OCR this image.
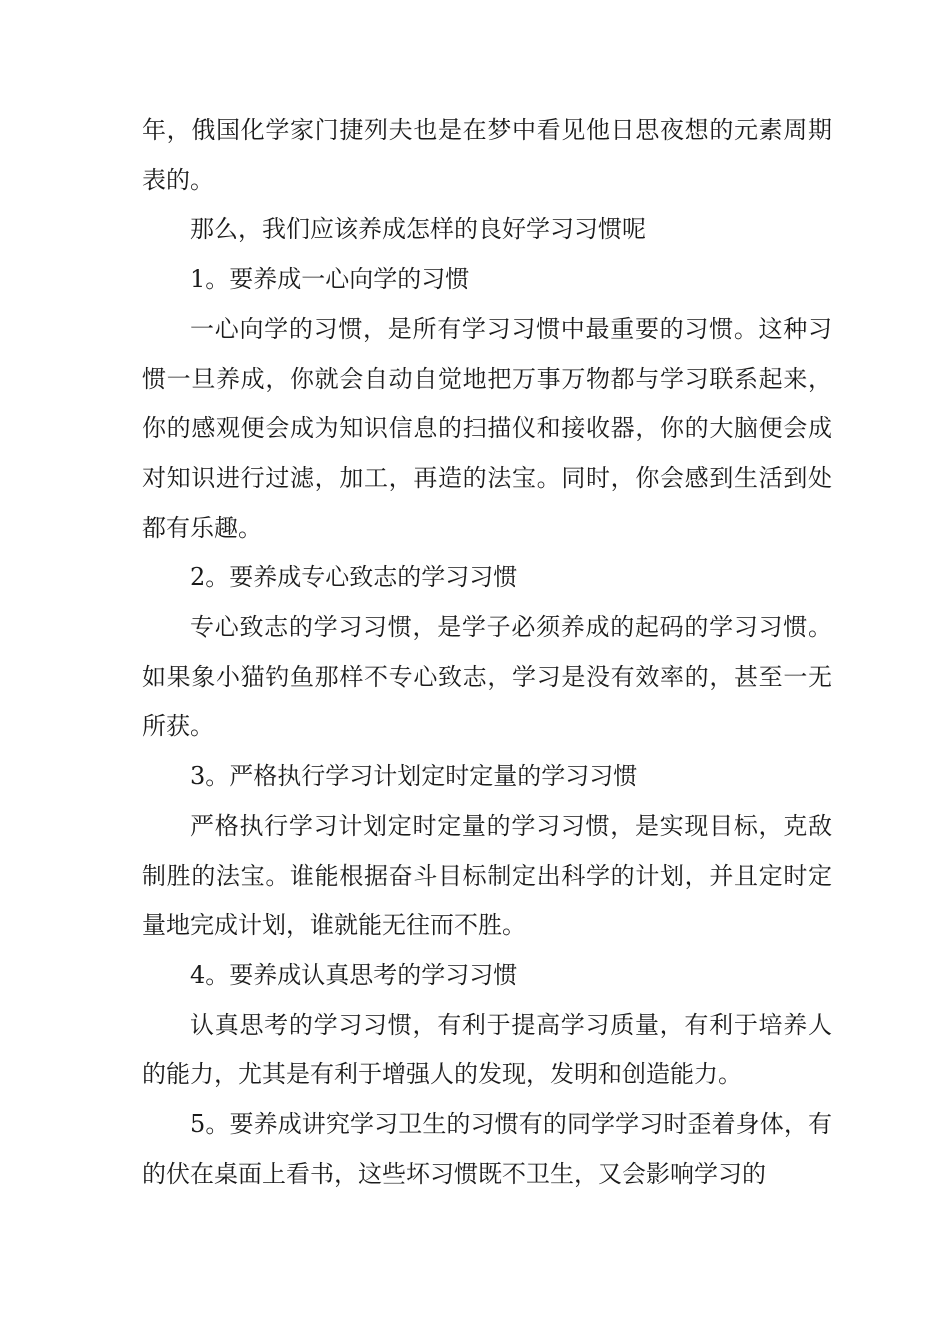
年，俄国化学家门捷列夫也是在梦中看见他日思夜想的元素周期表的。

那么，我们应该养成怎样的良好学习习惯呢

1。要养成一心向学的习惯

一心向学的习惯，是所有学习习惯中最重要的习惯。这种习惯一旦养成，你就会自动自觉地把万事万物都与学习联系起来，你的感观便会成为知识信息的扫描仪和接收器，你的大脑便会成对知识进行过滤，加工，再造的法宝。同时，你会感到生活到处都有乐趣。

2。要养成专心致志的学习习惯

专心致志的学习习惯，是学子必须养成的起码的学习习惯。如果象小猫钓鱼那样不专心致志，学习是没有效率的，甚至一无所获。

3。严格执行学习计划定时定量的学习习惯

严格执行学习计划定时定量的学习习惯，是实现目标，克敌制胜的法宝。谁能根据奋斗目标制定出科学的计划，并且定时定量地完成计划，谁就能无往而不胜。

4。要养成认真思考的学习习惯

认真思考的学习习惯，有利于提高学习质量，有利于培养人的能力，尤其是有利于增强人的发现，发明和创造能力。

5。要养成讲究学习卫生的习惯有的同学学习时歪着身体，有的伏在桌面上看书，这些坏习惯既不卫生，又会影响学习的
